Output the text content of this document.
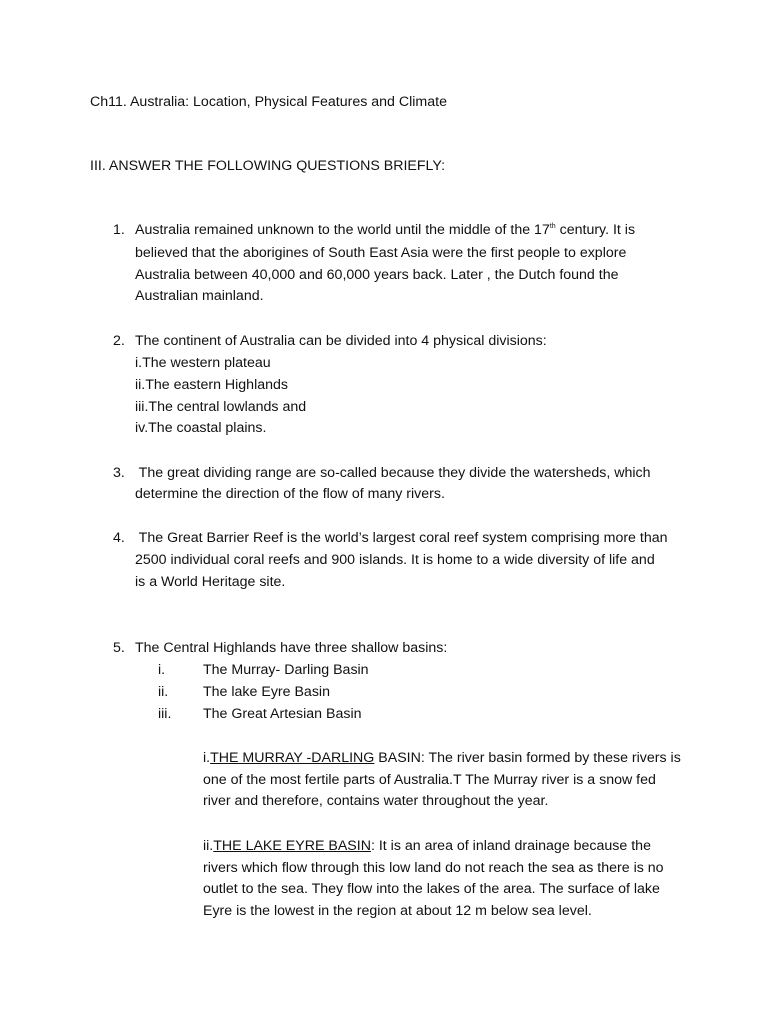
Ch11. Australia: Location, Physical Features and Climate
III. ANSWER THE FOLLOWING QUESTIONS BRIEFLY:
1. Australia remained unknown to the world until the middle of the 17th century. It is
believed that the aborigines of South East Asia were the first people to explore
Australia between 40,000 and 60,000 years back. Later , the Dutch found the
Australian mainland.
2. The continent of Australia can be divided into 4 physical divisions:
i.The western plateau
ii.The eastern Highlands
iii.The central lowlands and
iv.The coastal plains.
3. The great dividing range are so-called because they divide the watersheds, which
determine the direction of the flow of many rivers.
4. The Great Barrier Reef is the world’s largest coral reef system comprising more than
2500 individual coral reefs and 900 islands. It is home to a wide diversity of life and
is a World Heritage site.
5. The Central Highlands have three shallow basins:
i.	The Murray- Darling Basin
ii. The lake Eyre Basin
iii. The Great Artesian Basin
i.THE MURRAY -DARLING BASIN: The river basin formed by these rivers is
one of the most fertile parts of Australia.T The Murray river is a snow fed
river and therefore, contains water throughout the year.
ii.THE LAKE EYRE BASIN: It is an area of inland drainage because the
rivers which flow through this low land do not reach the sea as there is no
outlet to the sea. They flow into the lakes of the area. The surface of lake
Eyre is the lowest in the region at about 12 m below sea level.
